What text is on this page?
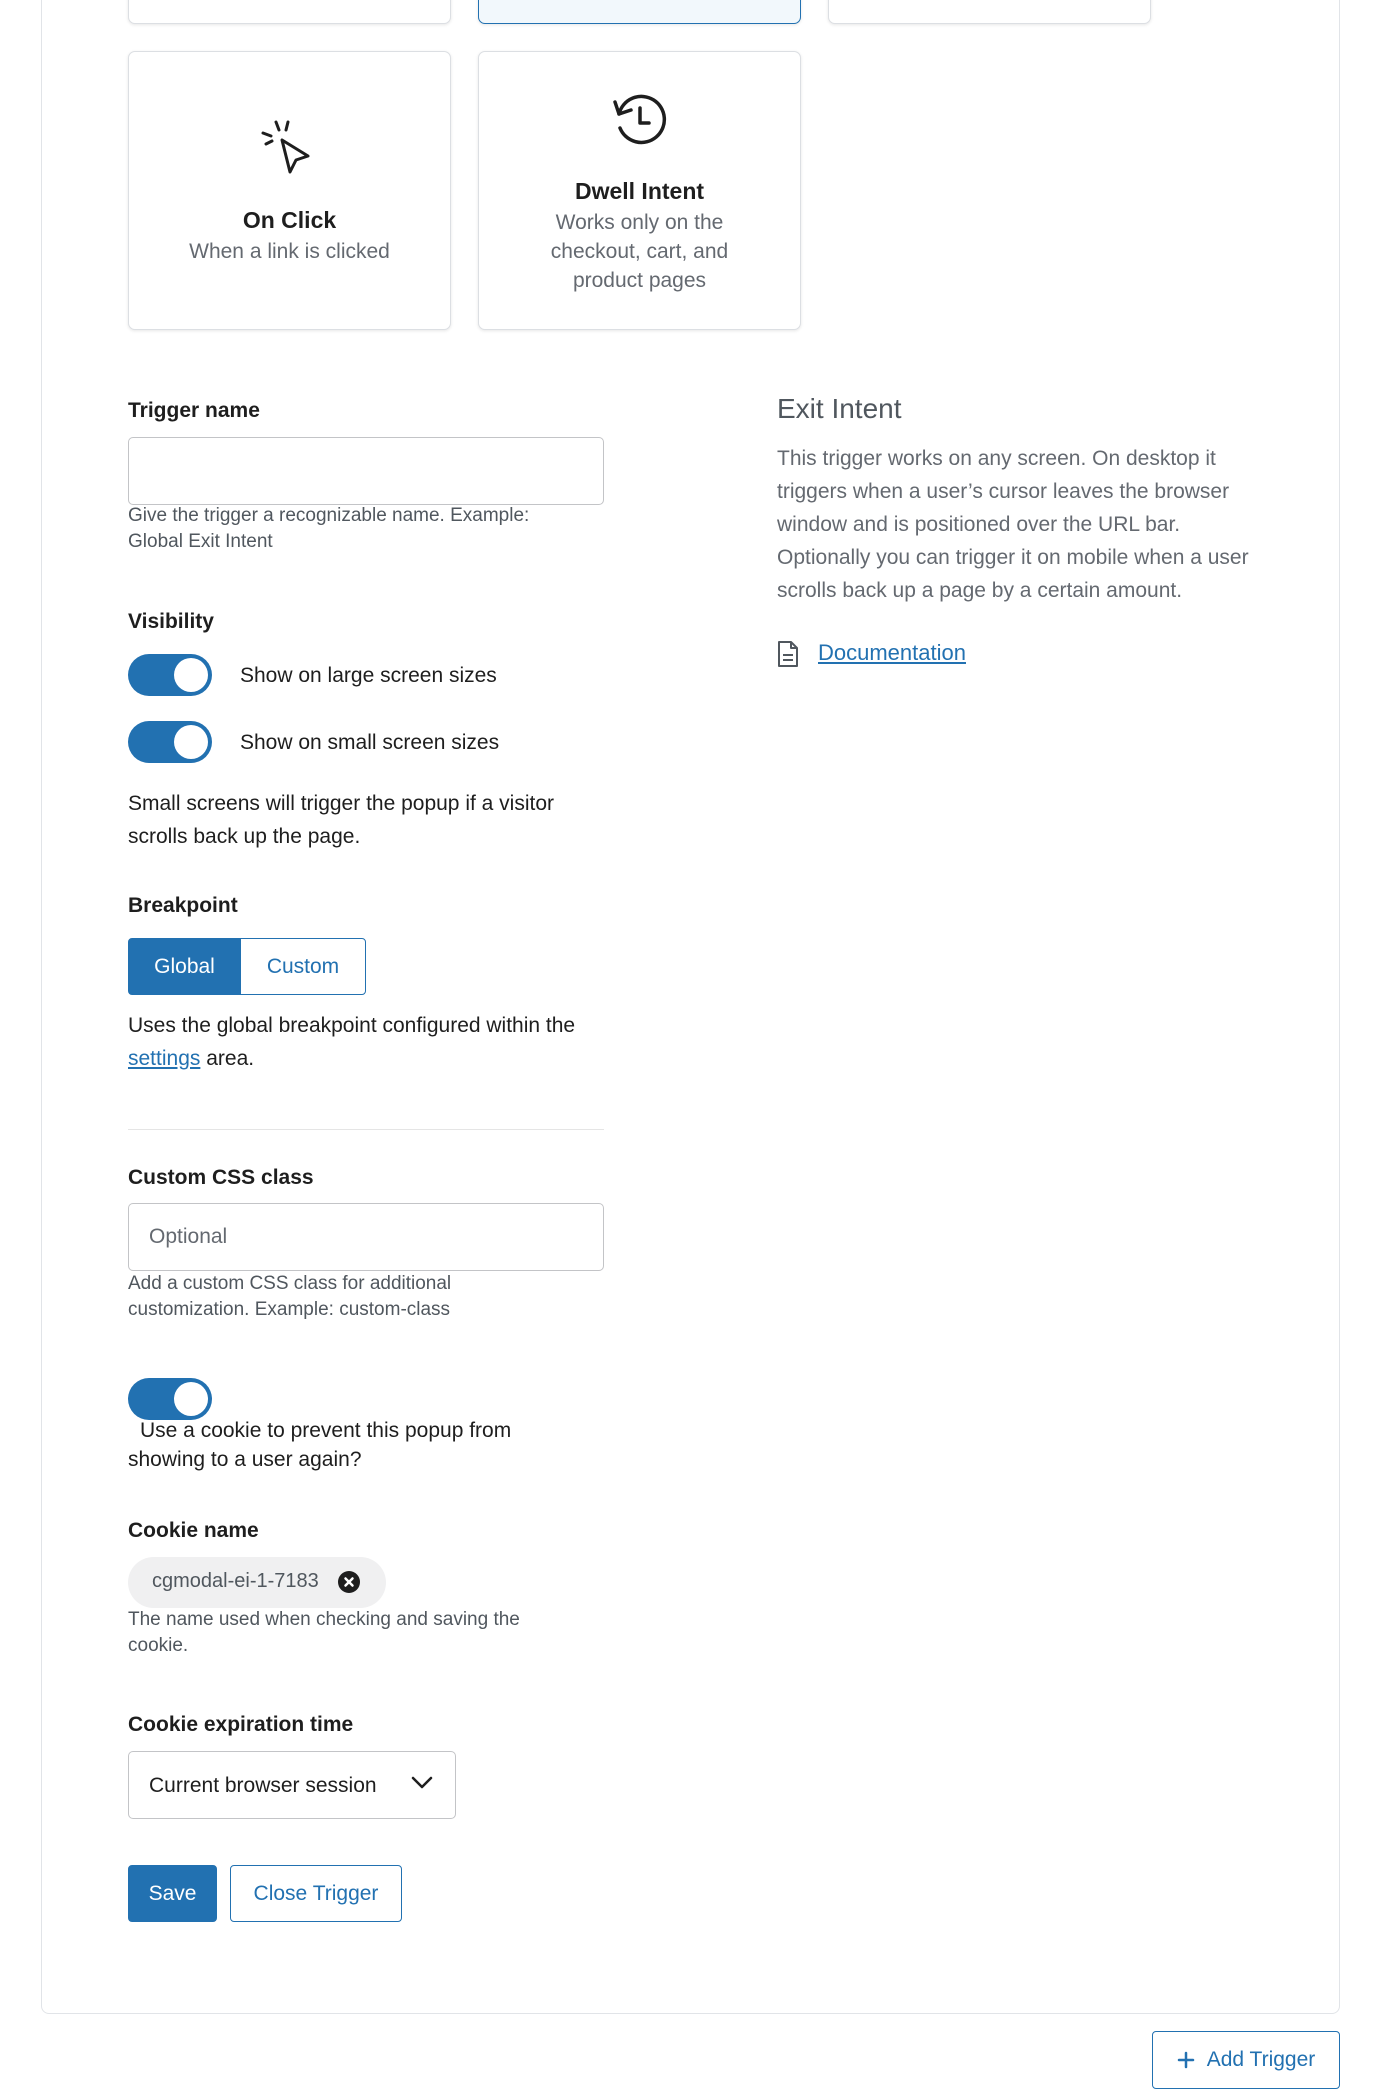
On Click
When a link is clicked
Dwell Intent
Works only on the checkout, cart, and product pages
Trigger name
Give the trigger a recognizable name. Example: Global Exit Intent
Visibility
Show on large screen sizes
Show on small screen sizes
Small screens will trigger the popup if a visitor scrolls back up the page.
Breakpoint
Global	Custom
Uses the global breakpoint configured within the settings area.
Custom CSS class
Optional
Add a custom CSS class for additional customization. Example: custom-class
Use a cookie to prevent this popup from showing to a user again?
Cookie name
cgmodal-ei-1-7183
The name used when checking and saving the cookie.
Cookie expiration time
Current browser session
Save	Close Trigger
Exit Intent
This trigger works on any screen. On desktop it triggers when a user’s cursor leaves the browser window and is positioned over the URL bar. Optionally you can trigger it on mobile when a user scrolls back up a page by a certain amount.
Documentation
Add Trigger
